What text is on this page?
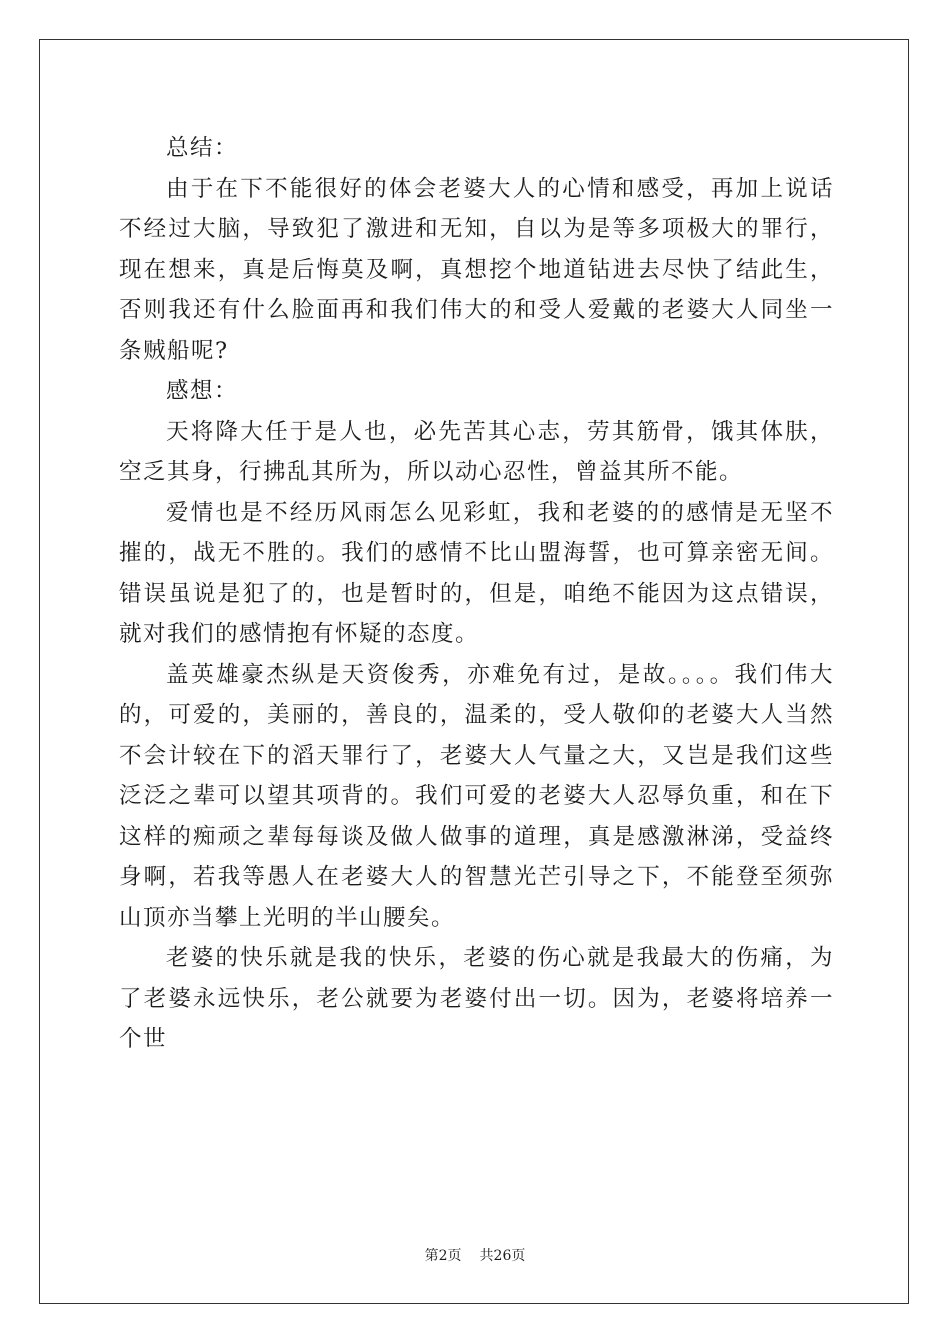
总结：

由于在下不能很好的体会老婆大人的心情和感受，再加上说话不经过大脑，导致犯了激进和无知，自以为是等多项极大的罪行，现在想来，真是后悔莫及啊，真想挖个地道钻进去尽快了结此生，否则我还有什么脸面再和我们伟大的和受人爱戴的老婆大人同坐一条贼船呢?

感想：

天将降大任于是人也，必先苦其心志，劳其筋骨，饿其体肤，空乏其身，行拂乱其所为，所以动心忍性，曾益其所不能。

爱情也是不经历风雨怎么见彩虹，我和老婆的的感情是无坚不摧的，战无不胜的。我们的感情不比山盟海誓，也可算亲密无间。错误虽说是犯了的，也是暂时的，但是，咱绝不能因为这点错误，就对我们的感情抱有怀疑的态度。

盖英雄豪杰纵是天资俊秀，亦难免有过，是故。。。。我们伟大的，可爱的，美丽的，善良的，温柔的，受人敬仰的老婆大人当然不会计较在下的滔天罪行了，老婆大人气量之大，又岂是我们这些泛泛之辈可以望其项背的。我们可爱的老婆大人忍辱负重，和在下这样的痴顽之辈每每谈及做人做事的道理，真是感激淋涕，受益终身啊，若我等愚人在老婆大人的智慧光芒引导之下，不能登至须弥山顶亦当攀上光明的半山腰矣。

老婆的快乐就是我的快乐，老婆的伤心就是我最大的伤痛，为了老婆永远快乐，老公就要为老婆付出一切。因为，老婆将培养一个世

第2页 共26页
